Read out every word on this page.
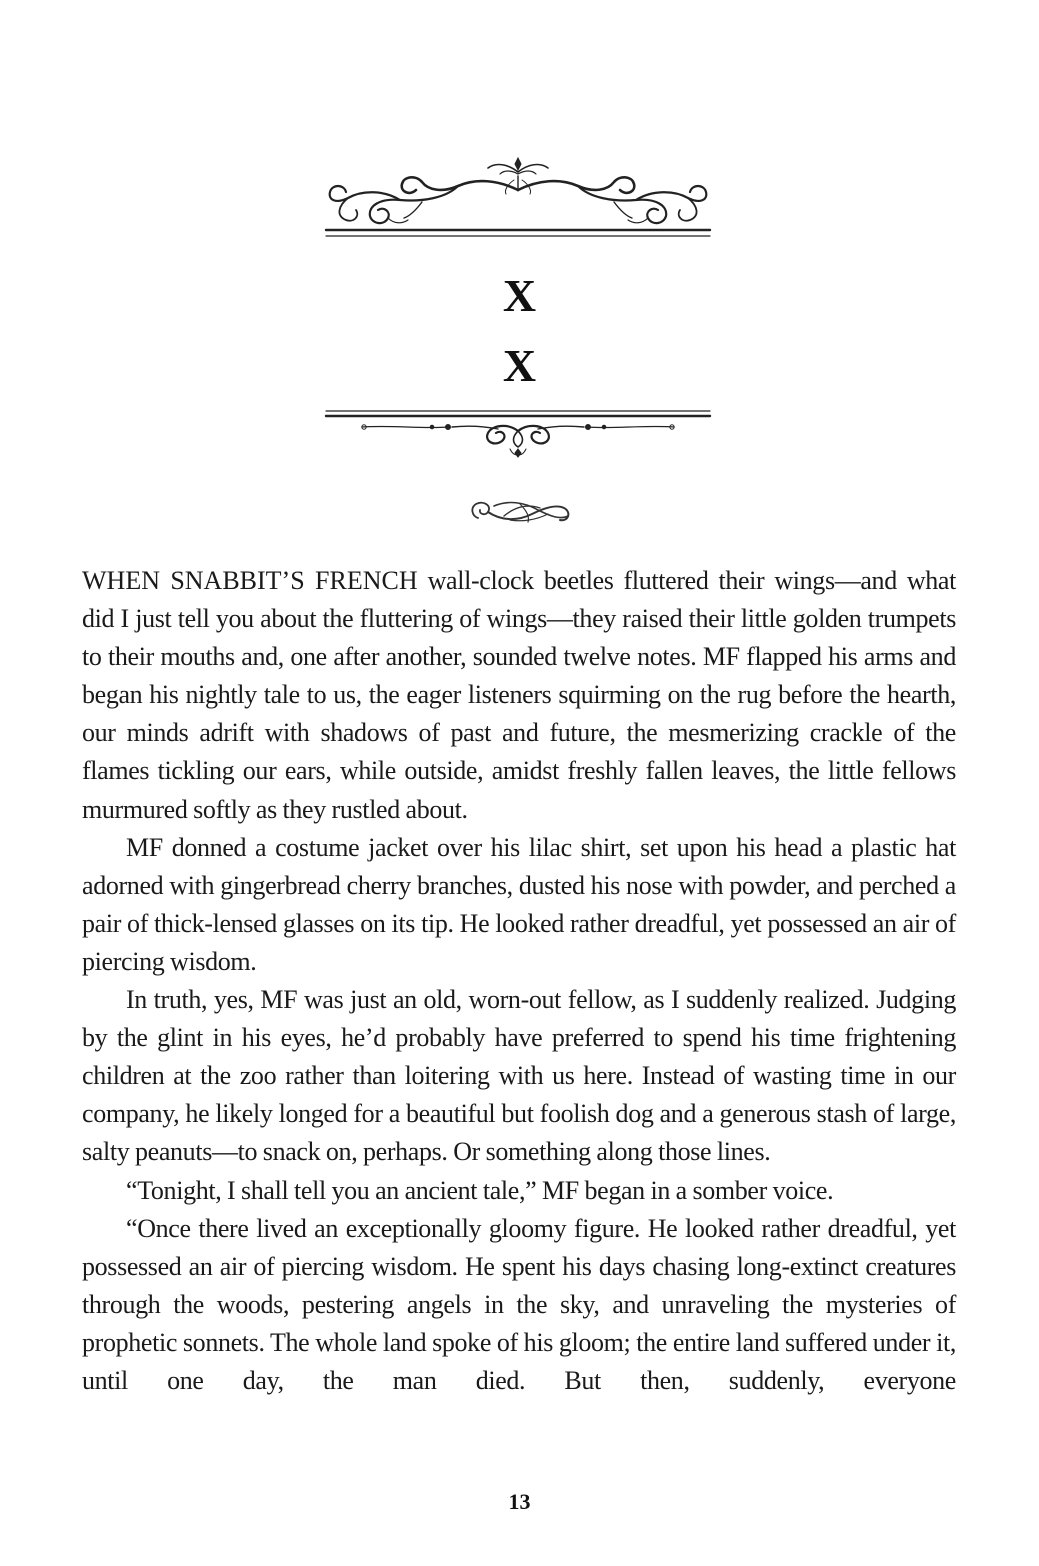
X
X

WHEN SNABBIT’S FRENCH wall-clock beetles fluttered their wings—and what did I just tell you about the fluttering of wings—they raised their little golden trumpets to their mouths and, one after another, sounded twelve notes. MF flapped his arms and began his nightly tale to us, the eager listeners squirming on the rug before the hearth, our minds adrift with shadows of past and future, the mesmerizing crackle of the flames tickling our ears, while outside, amidst freshly fallen leaves, the little fellows murmured softly as they rustled about.

MF donned a costume jacket over his lilac shirt, set upon his head a plastic hat adorned with gingerbread cherry branches, dusted his nose with powder, and perched a pair of thick-lensed glasses on its tip. He looked rather dreadful, yet possessed an air of piercing wisdom.

In truth, yes, MF was just an old, worn-out fellow, as I suddenly realized. Judging by the glint in his eyes, he’d probably have preferred to spend his time frightening children at the zoo rather than loitering with us here. Instead of wasting time in our company, he likely longed for a beautiful but foolish dog and a generous stash of large, salty peanuts—to snack on, perhaps. Or something along those lines.

“Tonight, I shall tell you an ancient tale,” MF began in a somber voice.

“Once there lived an exceptionally gloomy figure. He looked rather dreadful, yet possessed an air of piercing wisdom. He spent his days chasing long-extinct creatures through the woods, pestering angels in the sky, and unraveling the mysteries of prophetic sonnets. The whole land spoke of his gloom; the entire land suffered under it, until one day, the man died. But then, suddenly, everyone

13
